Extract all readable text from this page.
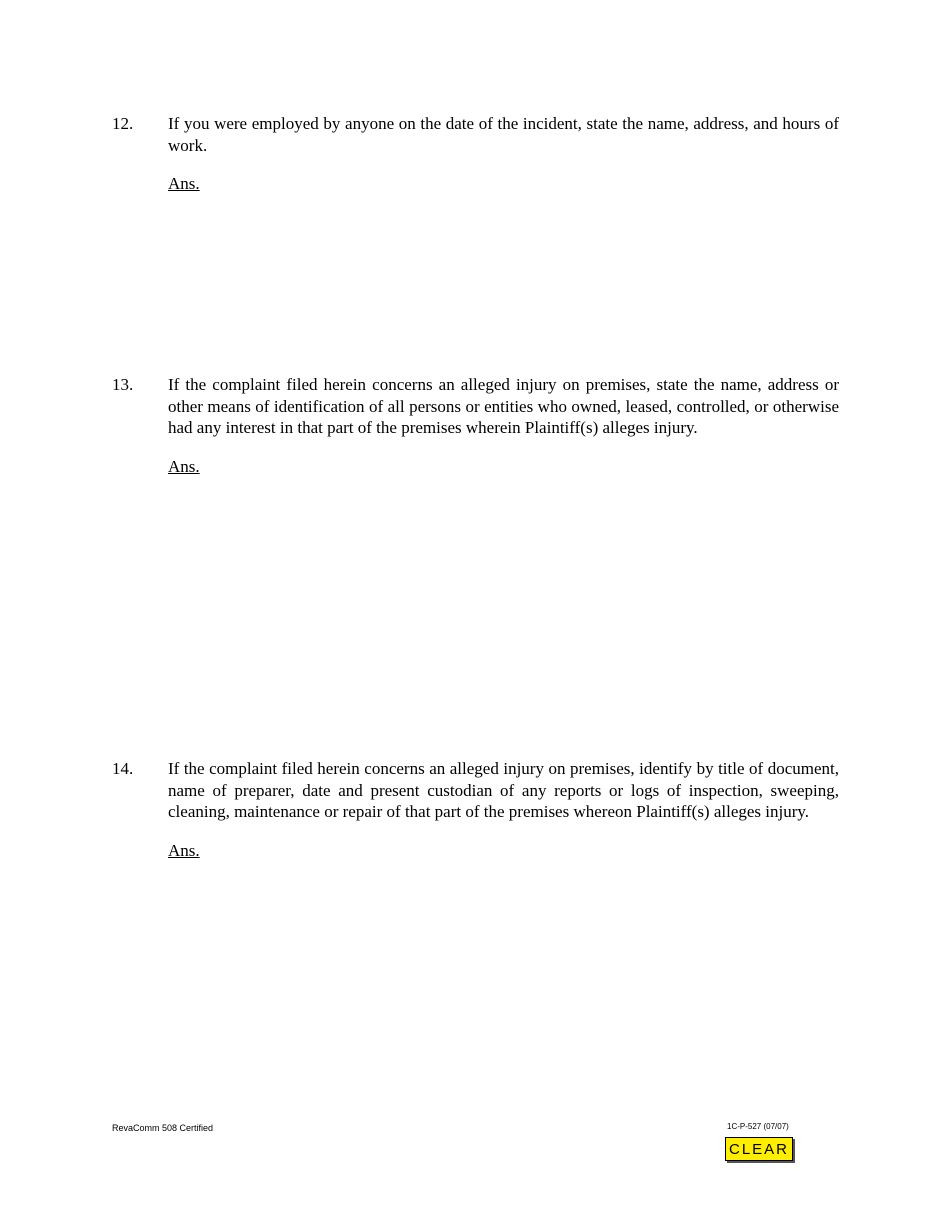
12. If you were employed by anyone on the date of the incident, state the name, address, and hours of work.
Ans.
13. If the complaint filed herein concerns an alleged injury on premises, state the name, address or other means of identification of all persons or entities who owned, leased, controlled, or otherwise had any interest in that part of the premises wherein Plaintiff(s) alleges injury.
Ans.
14. If the complaint filed herein concerns an alleged injury on premises, identify by title of document, name of preparer, date and present custodian of any reports or logs of inspection, sweeping, cleaning, maintenance or repair of that part of the premises whereon Plaintiff(s) alleges injury.
Ans.
RevaComm 508 Certified	1C-P-527 (07/07)
CLEAR
